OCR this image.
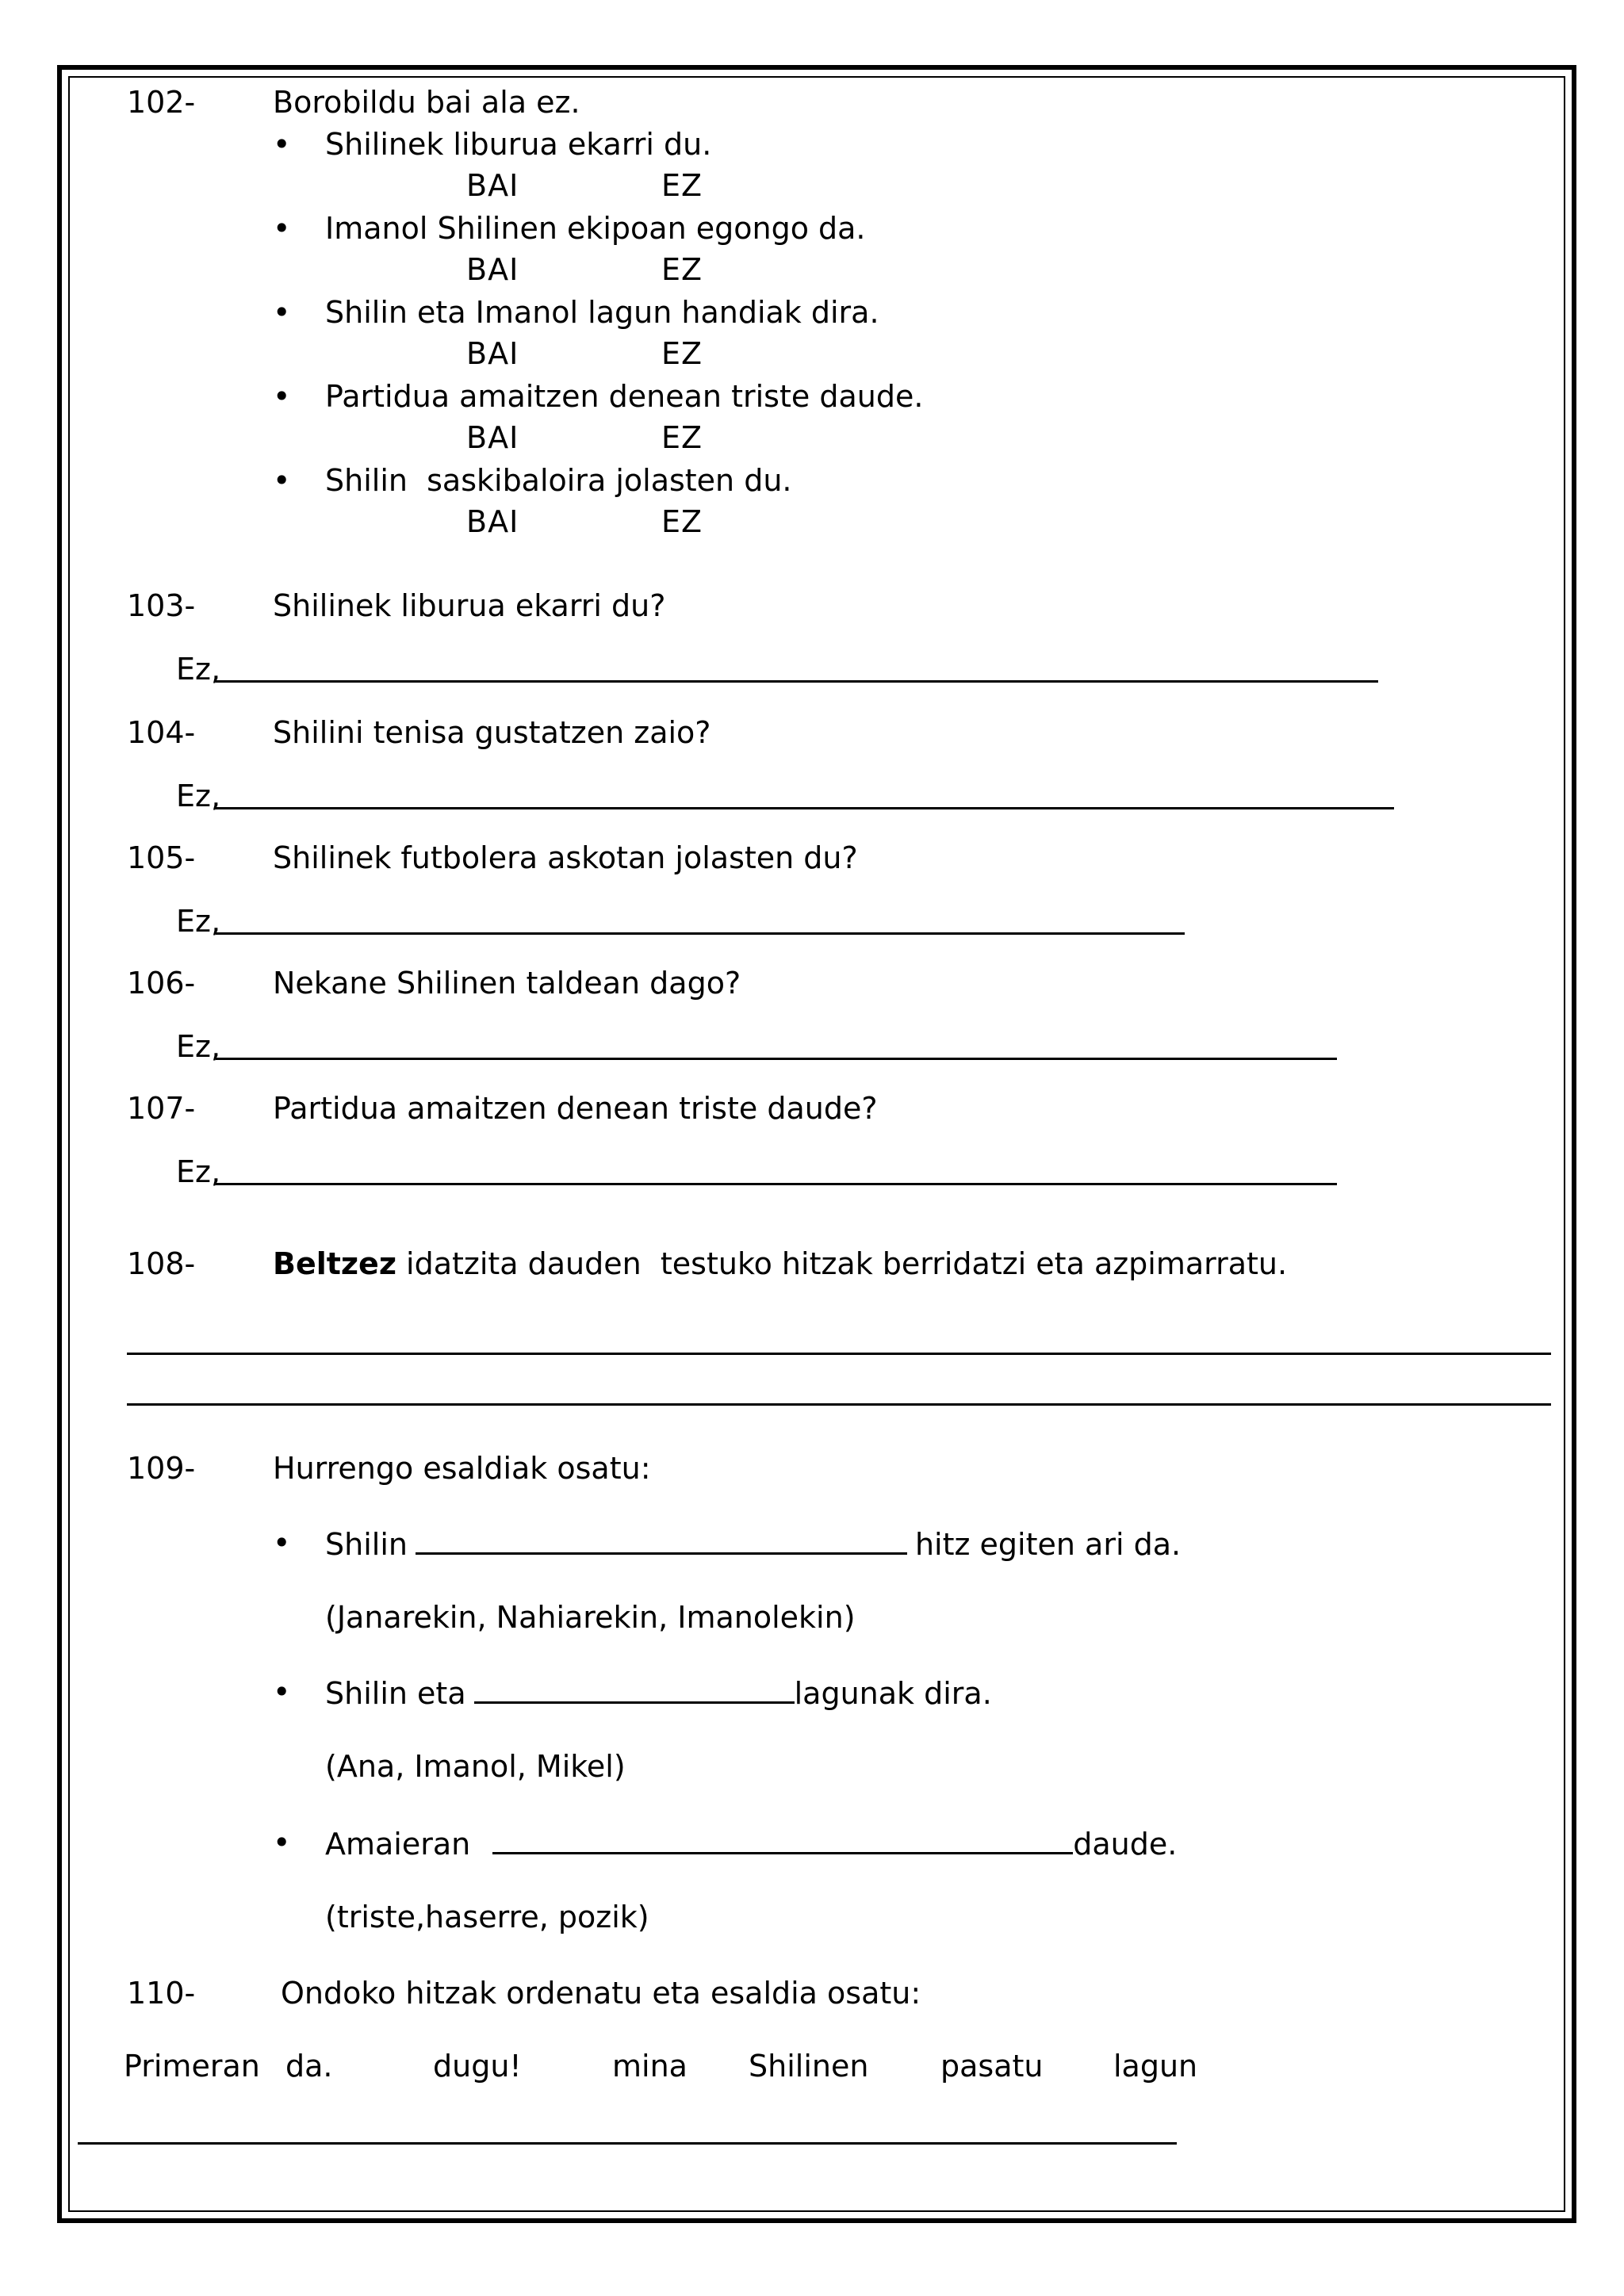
102-	Borobildu bai ala ez.
• Shilinek liburua ekarri du.
BAI	EZ
• Imanol Shilinen ekipoan egongo da.
BAI	EZ
• Shilin eta Imanol lagun handiak dira.
BAI	EZ
• Partidua amaitzen denean triste daude.
BAI	EZ
• Shilin  saskibaloira jolasten du.
BAI	EZ
103-	Shilinek liburua ekarri du?
Ez,
104-	Shilini tenisa gustatzen zaio?
Ez,
105-	Shilinek futbolera askotan jolasten du?
Ez,
106-	Nekane Shilinen taldean dago?
Ez,
107-	Partidua amaitzen denean triste daude?
Ez,
108-	Beltzez idatzita dauden  testuko hitzak berridatzi eta azpimarratu.
109-	Hurrengo esaldiak osatu:
• Shilin	hitz egiten ari da.
(Janarekin, Nahiarekin, Imanolekin)
• Shilin eta	lagunak dira.
(Ana, Imanol, Mikel)
• Amaieran	daude.
(triste,haserre, pozik)
110-	Ondoko hitzak ordenatu eta esaldia osatu:
Primeran da.	dugu!	mina Shilinen pasatu lagun
